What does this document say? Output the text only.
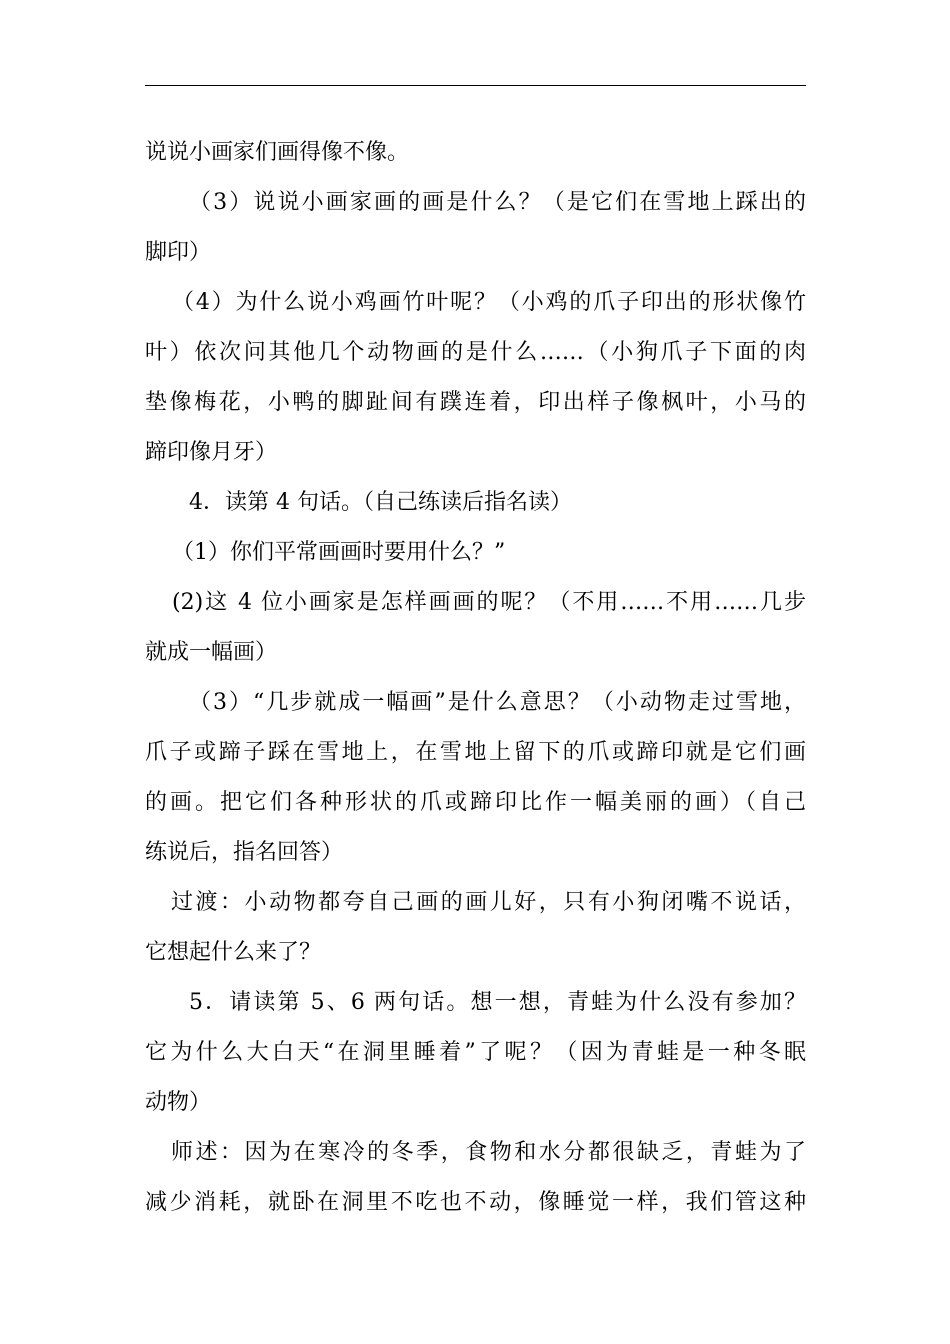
说说小画家们画得像不像。
（3）说说小画家画的画是什么？（是它们在雪地上踩出的
脚印）
（4）为什么说小鸡画竹叶呢？（小鸡的爪子印出的形状像竹
叶）依次问其他几个动物画的是什么……（小狗爪子下面的肉
垫像梅花，小鸭的脚趾间有蹼连着，印出样子像枫叶，小马的
蹄印像月牙）
4．读第 4 句话。（自己练读后指名读）
（1）你们平常画画时要用什么？”
(2)这 4 位小画家是怎样画画的呢？（不用……不用……几步
就成一幅画）
（3）“几步就成一幅画”是什么意思？（小动物走过雪地，
爪子或蹄子踩在雪地上，在雪地上留下的爪或蹄印就是它们画
的画。把它们各种形状的爪或蹄印比作一幅美丽的画）（自己
练说后，指名回答）
过渡：小动物都夸自己画的画儿好，只有小狗闭嘴不说话，
它想起什么来了？
5．请读第 5、6 两句话。想一想，青蛙为什么没有参加？
它为什么大白天“在洞里睡着”了呢？（因为青蛙是一种冬眠
动物）
师述：因为在寒冷的冬季，食物和水分都很缺乏，青蛙为了
减少消耗，就卧在洞里不吃也不动，像睡觉一样，我们管这种
